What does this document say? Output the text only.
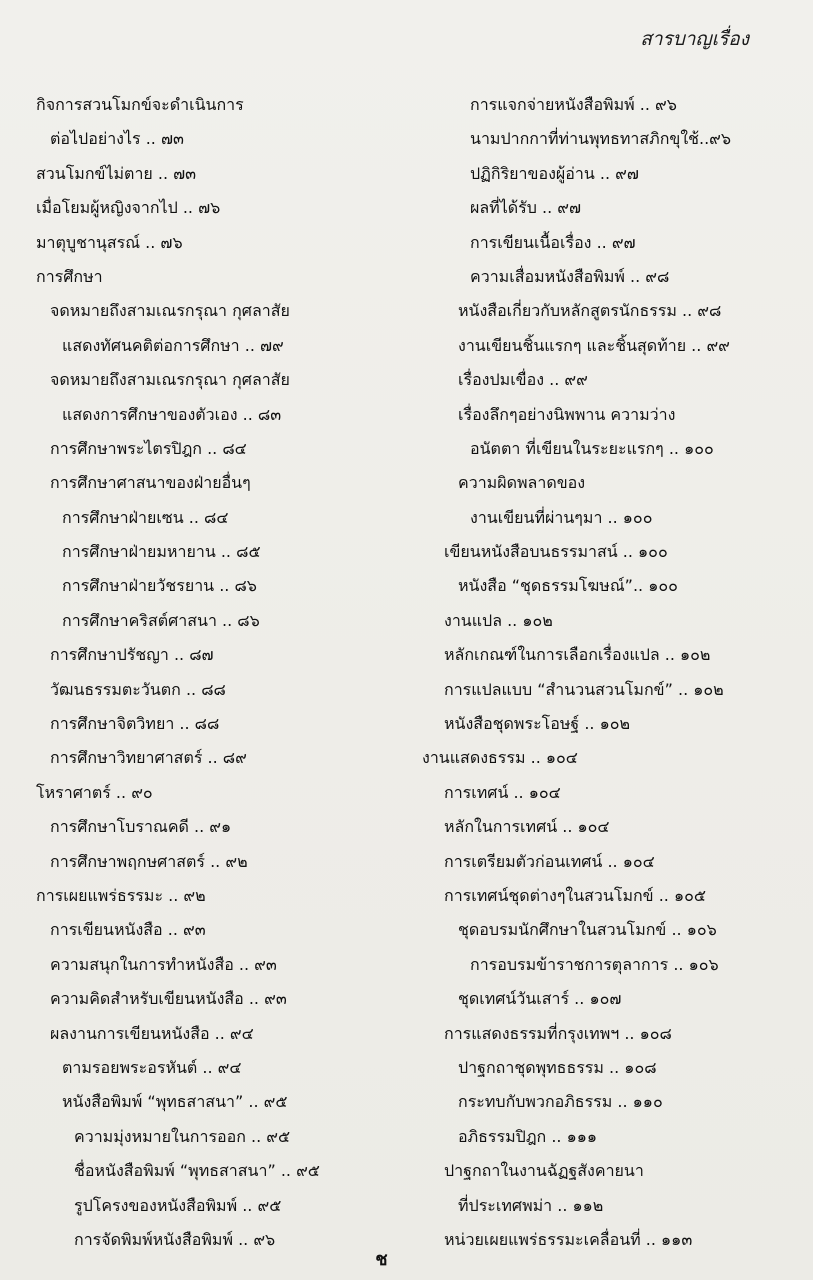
สารบาญเรื่อง
กิจการสวนโมกข์จะดำเนินการ
ต่อไปอย่างไร .. ๗๓
สวนโมกข์ไม่ตาย .. ๗๓
เมื่อโยมผู้หญิงจากไป .. ๗๖
มาตุบูชานุสรณ์ .. ๗๖
การศึกษา
จดหมายถึงสามเณรกรุณา กุศลาสัย
แสดงทัศนคติต่อการศึกษา .. ๗๙
จดหมายถึงสามเณรกรุณา กุศลาสัย
แสดงการศึกษาของตัวเอง .. ๘๓
การศึกษาพระไตรปิฎก .. ๘๔
การศึกษาศาสนาของฝ่ายอื่นๆ
การศึกษาฝ่ายเซน .. ๘๔
การศึกษาฝ่ายมหายาน .. ๘๕
การศึกษาฝ่ายวัชรยาน .. ๘๖
การศึกษาคริสต์ศาสนา .. ๘๖
การศึกษาปรัชญา .. ๘๗
วัฒนธรรมตะวันตก .. ๘๘
การศึกษาจิตวิทยา .. ๘๘
การศึกษาวิทยาศาสตร์ .. ๘๙
โหราศาตร์ .. ๙๐
การศึกษาโบราณคดี .. ๙๑
การศึกษาพฤกษศาสตร์ .. ๙๒
การเผยแพร่ธรรมะ .. ๙๒
การเขียนหนังสือ .. ๙๓
ความสนุกในการทำหนังสือ .. ๙๓
ความคิดสำหรับเขียนหนังสือ .. ๙๓
ผลงานการเขียนหนังสือ .. ๙๔
ตามรอยพระอรหันต์ .. ๙๔
หนังสือพิมพ์ “พุทธสาสนา” .. ๙๕
ความมุ่งหมายในการออก .. ๙๕
ชื่อหนังสือพิมพ์ “พุทธสาสนา” .. ๙๕
รูปโครงของหนังสือพิมพ์ .. ๙๕
การจัดพิมพ์หนังสือพิมพ์ .. ๙๖
การแจกจ่ายหนังสือพิมพ์ .. ๙๖
นามปากกาที่ท่านพุทธทาสภิกขุใช้..๙๖
ปฏิกิริยาของผู้อ่าน .. ๙๗
ผลที่ได้รับ .. ๙๗
การเขียนเนื้อเรื่อง .. ๙๗
ความเสื่อมหนังสือพิมพ์ .. ๙๘
หนังสือเกี่ยวกับหลักสูตรนักธรรม .. ๙๘
งานเขียนชิ้นแรกๆ และชิ้นสุดท้าย .. ๙๙
เรื่องปมเขื่อง .. ๙๙
เรื่องลึกๆอย่างนิพพาน ความว่าง
อนัตตา ที่เขียนในระยะแรกๆ .. ๑๐๐
ความผิดพลาดของ
งานเขียนที่ผ่านๆมา .. ๑๐๐
เขียนหนังสือบนธรรมาสน์ .. ๑๐๐
หนังสือ “ชุดธรรมโฆษณ์”.. ๑๐๐
งานแปล .. ๑๐๒
หลักเกณฑ์ในการเลือกเรื่องแปล .. ๑๐๒
การแปลแบบ “สำนวนสวนโมกข์” .. ๑๐๒
หนังสือชุดพระโอษฐ์ .. ๑๐๒
งานแสดงธรรม .. ๑๐๔
การเทศน์ .. ๑๐๔
หลักในการเทศน์ .. ๑๐๔
การเตรียมตัวก่อนเทศน์ .. ๑๐๔
การเทศน์ชุดต่างๆในสวนโมกข์ .. ๑๐๕
ชุดอบรมนักศึกษาในสวนโมกข์ .. ๑๐๖
การอบรมข้าราชการตุลาการ .. ๑๐๖
ชุดเทศน์วันเสาร์ .. ๑๐๗
การแสดงธรรมที่กรุงเทพฯ .. ๑๐๘
ปาฐกถาชุดพุทธธรรม .. ๑๐๘
กระทบกับพวกอภิธรรม .. ๑๑๐
อภิธรรมปิฎก .. ๑๑๑
ปาฐกถาในงานฉัฏฐสังคายนา
ที่ประเทศพม่า .. ๑๑๒
หน่วยเผยแพร่ธรรมะเคลื่อนที่ .. ๑๑๓
ช
